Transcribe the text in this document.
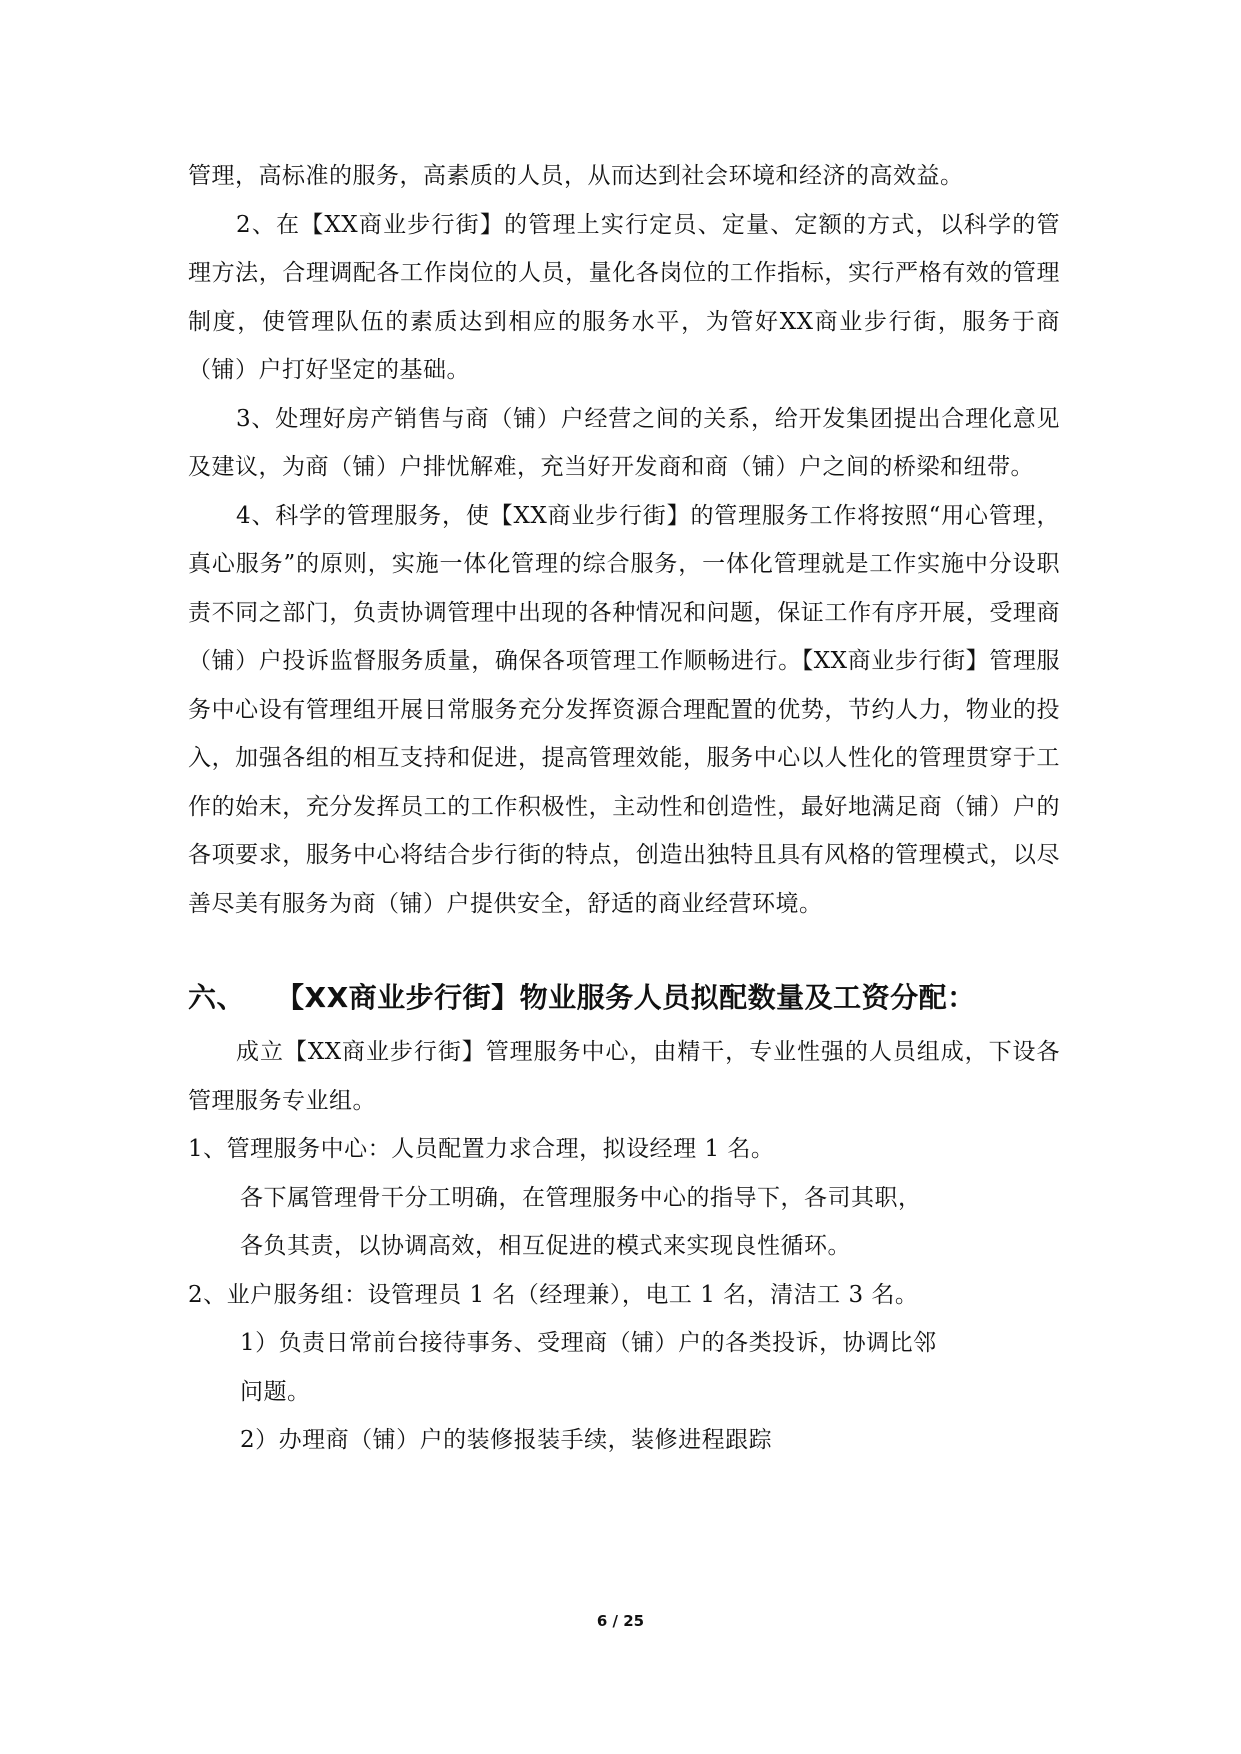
管理，高标准的服务，高素质的人员，从而达到社会环境和经济的高效益。

2、在【XX商业步行街】的管理上实行定员、定量、定额的方式，以科学的管理方法，合理调配各工作岗位的人员，量化各岗位的工作指标，实行严格有效的管理制度，使管理队伍的素质达到相应的服务水平，为管好XX商业步行街，服务于商（铺）户打好坚定的基础。

3、处理好房产销售与商（铺）户经营之间的关系，给开发集团提出合理化意见及建议，为商（铺）户排忧解难，充当好开发商和商（铺）户之间的桥梁和纽带。

4、科学的管理服务，使【XX商业步行街】的管理服务工作将按照“用心管理，真心服务”的原则，实施一体化管理的综合服务，一体化管理就是工作实施中分设职责不同之部门，负责协调管理中出现的各种情况和问题，保证工作有序开展，受理商（铺）户投诉监督服务质量，确保各项管理工作顺畅进行。【XX商业步行街】管理服务中心设有管理组开展日常服务充分发挥资源合理配置的优势，节约人力，物业的投入，加强各组的相互支持和促进，提高管理效能，服务中心以人性化的管理贯穿于工作的始末，充分发挥员工的工作积极性，主动性和创造性，最好地满足商（铺）户的各项要求，服务中心将结合步行街的特点，创造出独特且具有风格的管理模式，以尽善尽美有服务为商（铺）户提供安全，舒适的商业经营环境。

六、 【XX商业步行街】物业服务人员拟配数量及工资分配：

成立【XX商业步行街】管理服务中心，由精干，专业性强的人员组成，下设各管理服务专业组。

1、管理服务中心：人员配置力求合理，拟设经理 1 名。

各下属管理骨干分工明确，在管理服务中心的指导下，各司其职，

各负其责，以协调高效，相互促进的模式来实现良性循环。

2、业户服务组：设管理员 1 名（经理兼），电工 1 名，清洁工 3 名。

1）负责日常前台接待事务、受理商（铺）户的各类投诉，协调比邻

问题。

2）办理商（铺）户的装修报装手续，装修进程跟踪

6 / 25
